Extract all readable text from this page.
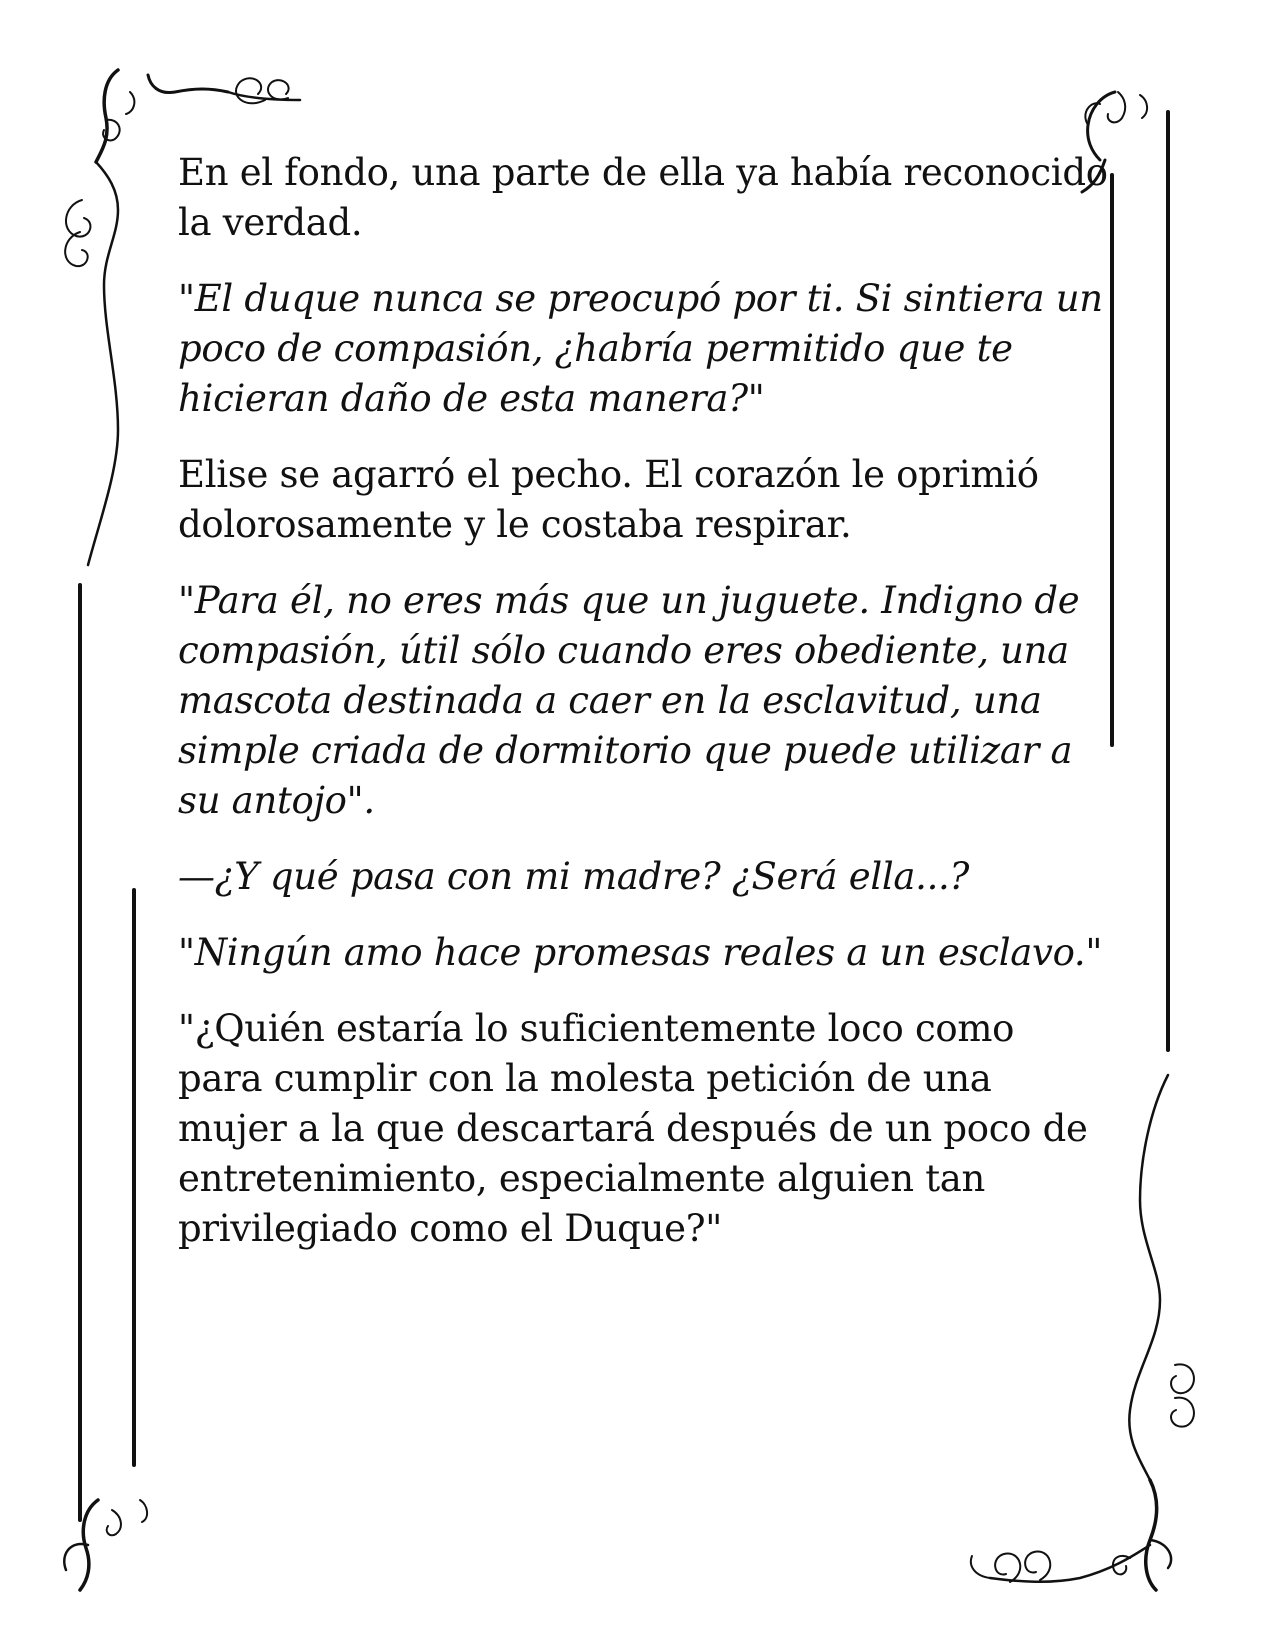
En el fondo, una parte de ella ya había reconocido la verdad.

"El duque nunca se preocupó por ti. Si sintiera un poco de compasión, ¿habría permitido que te hicieran daño de esta manera?"

Elise se agarró el pecho. El corazón le oprimió dolorosamente y le costaba respirar.

"Para él, no eres más que un juguete. Indigno de compasión, útil sólo cuando eres obediente, una mascota destinada a caer en la esclavitud, una simple criada de dormitorio que puede utilizar a su antojo".

—¿Y qué pasa con mi madre? ¿Será ella...?

"Ningún amo hace promesas reales a un esclavo."

"¿Quién estaría lo suficientemente loco como para cumplir con la molesta petición de una mujer a la que descartará después de un poco de entretenimiento, especialmente alguien tan privilegiado como el Duque?"
